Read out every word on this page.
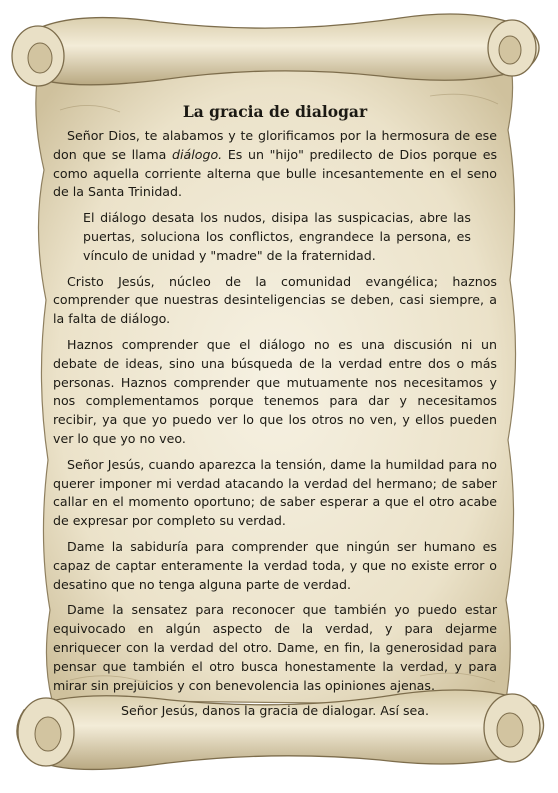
La gracia de dialogar

Señor Dios, te alabamos y te glorificamos por la hermosura de ese don que se llama diálogo. Es un "hijo" predilecto de Dios porque es como aquella corriente alterna que bulle incesantemente en el seno de la Santa Trinidad.

El diálogo desata los nudos, disipa las suspicacias, abre las puertas, soluciona los conflictos, engrandece la persona, es vínculo de unidad y "madre" de la fraternidad.

Cristo Jesús, núcleo de la comunidad evangélica; haznos comprender que nuestras desinteligencias se deben, casi siempre, a la falta de diálogo.

Haznos comprender que el diálogo no es una discusión ni un debate de ideas, sino una búsqueda de la verdad entre dos o más personas. Haznos comprender que mutuamente nos necesitamos y nos complementamos porque tenemos para dar y necesitamos recibir, ya que yo puedo ver lo que los otros no ven, y ellos pueden ver lo que yo no veo.

Señor Jesús, cuando aparezca la tensión, dame la humildad para no querer imponer mi verdad atacando la verdad del hermano; de saber callar en el momento oportuno; de saber esperar a que el otro acabe de expresar por completo su verdad.

Dame la sabiduría para comprender que ningún ser humano es capaz de captar enteramente la verdad toda, y que no existe error o desatino que no tenga alguna parte de verdad.

Dame la sensatez para reconocer que también yo puedo estar equivocado en algún aspecto de la verdad, y para dejarme enriquecer con la verdad del otro. Dame, en fin, la generosidad para pensar que también el otro busca honestamente la verdad, y para mirar sin prejuicios y con benevolencia las opiniones ajenas.

Señor Jesús, danos la gracia de dialogar. Así sea.
